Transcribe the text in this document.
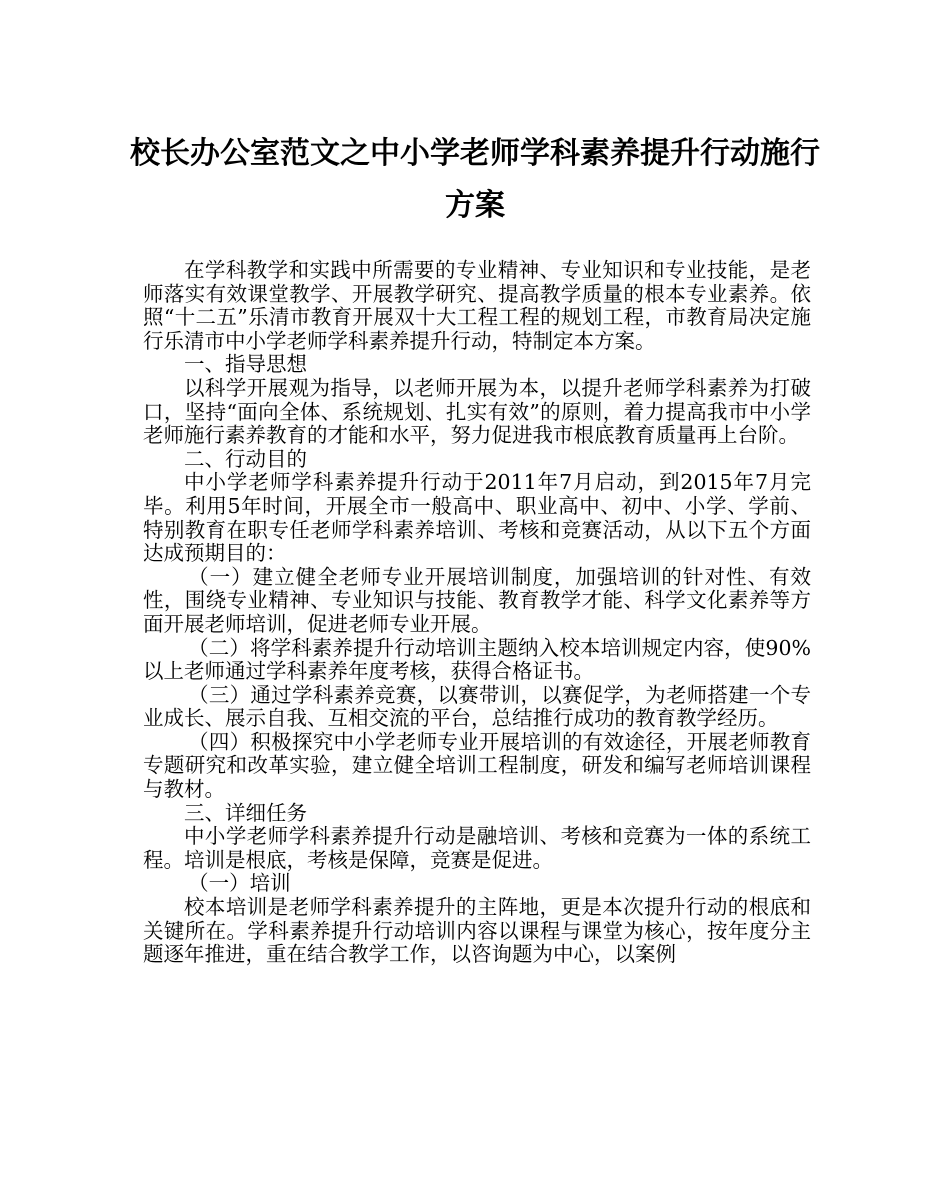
校长办公室范文之中小学老师学科素养提升行动施行方案

在学科教学和实践中所需要的专业精神、专业知识和专业技能，是老师落实有效课堂教学、开展教学研究、提高教学质量的根本专业素养。依照“十二五”乐清市教育开展双十大工程工程的规划工程，市教育局决定施行乐清市中小学老师学科素养提升行动，特制定本方案。

一、指导思想

以科学开展观为指导，以老师开展为本，以提升老师学科素养为打破口，坚持“面向全体、系统规划、扎实有效”的原则，着力提高我市中小学老师施行素养教育的才能和水平，努力促进我市根底教育质量再上台阶。

二、行动目的

中小学老师学科素养提升行动于2011年7月启动，到2015年7月完毕。利用5年时间，开展全市一般高中、职业高中、初中、小学、学前、特别教育在职专任老师学科素养培训、考核和竞赛活动，从以下五个方面达成预期目的：

（一）建立健全老师专业开展培训制度，加强培训的针对性、有效性，围绕专业精神、专业知识与技能、教育教学才能、科学文化素养等方面开展老师培训，促进老师专业开展。

（二）将学科素养提升行动培训主题纳入校本培训规定内容，使90%以上老师通过学科素养年度考核，获得合格证书。

（三）通过学科素养竞赛，以赛带训，以赛促学，为老师搭建一个专业成长、展示自我、互相交流的平台，总结推行成功的教育教学经历。

（四）积极探究中小学老师专业开展培训的有效途径，开展老师教育专题研究和改革实验，建立健全培训工程制度，研发和编写老师培训课程与教材。

三、详细任务

中小学老师学科素养提升行动是融培训、考核和竞赛为一体的系统工程。培训是根底，考核是保障，竞赛是促进。

（一）培训

校本培训是老师学科素养提升的主阵地，更是本次提升行动的根底和关键所在。学科素养提升行动培训内容以课程与课堂为核心，按年度分主题逐年推进，重在结合教学工作，以咨询题为中心，以案例
